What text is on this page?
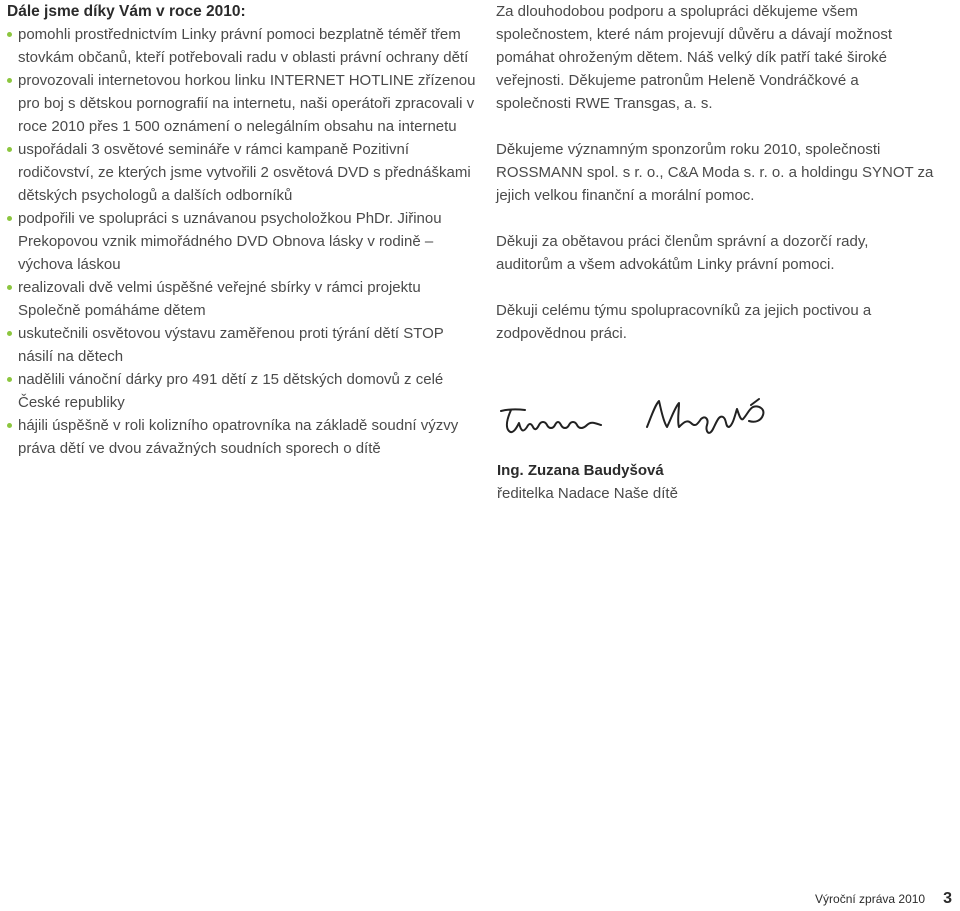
Dále jsme díky Vám v roce 2010:

pomohli prostřednictvím Linky právní pomoci bezplatně téměř třem stovkám občanů, kteří potřebovali radu v oblasti právní ochrany dětí
provozovali internetovou horkou linku INTERNET HOTLINE zřízenou pro boj s dětskou pornografií na internetu, naši operátoři zpracovali v roce 2010 přes 1 500 oznámení o nelegálním obsahu na internetu
uspořádali 3 osvětové semináře v rámci kampaně Pozitivní rodičovství, ze kterých jsme vytvořili 2 osvětová DVD s přednáškami dětských psychologů a dalších odborníků
podpořili ve spolupráci s uznávanou psycholožkou PhDr. Jiřinou Prekopovou vznik mimořádného DVD Obnova lásky v rodině – výchova láskou
realizovali dvě velmi úspěšné veřejné sbírky v rámci projektu Společně pomáháme dětem
uskutečnili osvětovou výstavu zaměřenou proti týrání dětí STOP násilí na dětech
nadělili vánoční dárky pro 491 dětí z 15 dětských domovů z celé České republiky
hájili úspěšně v roli kolizního opatrovníka na základě soudní výzvy práva dětí ve dvou závažných soudních sporech o dítě

Za dlouhodobou podporu a spolupráci děkujeme všem společnostem, které nám projevují důvěru a dávají možnost pomáhat ohroženým dětem. Náš velký dík patří také široké veřejnosti. Děkujeme patronům Heleně Vondráčkové a společnosti RWE Transgas, a. s.

Děkujeme významným sponzorům roku 2010, společnosti ROSSMANN spol. s r. o., C&A Moda s. r. o. a holdingu SYNOT za jejich velkou finanční a morální pomoc.

Děkuji za obětavou práci členům správní a dozorčí rady, auditorům a všem advokátům Linky právní pomoci.

Děkuji celému týmu spolupracovníků za jejich poctivou a zodpovědnou práci.

Ing. Zuzana Baudyšová

ředitelka Nadace Naše dítě

Výroční zpráva 2010 3
